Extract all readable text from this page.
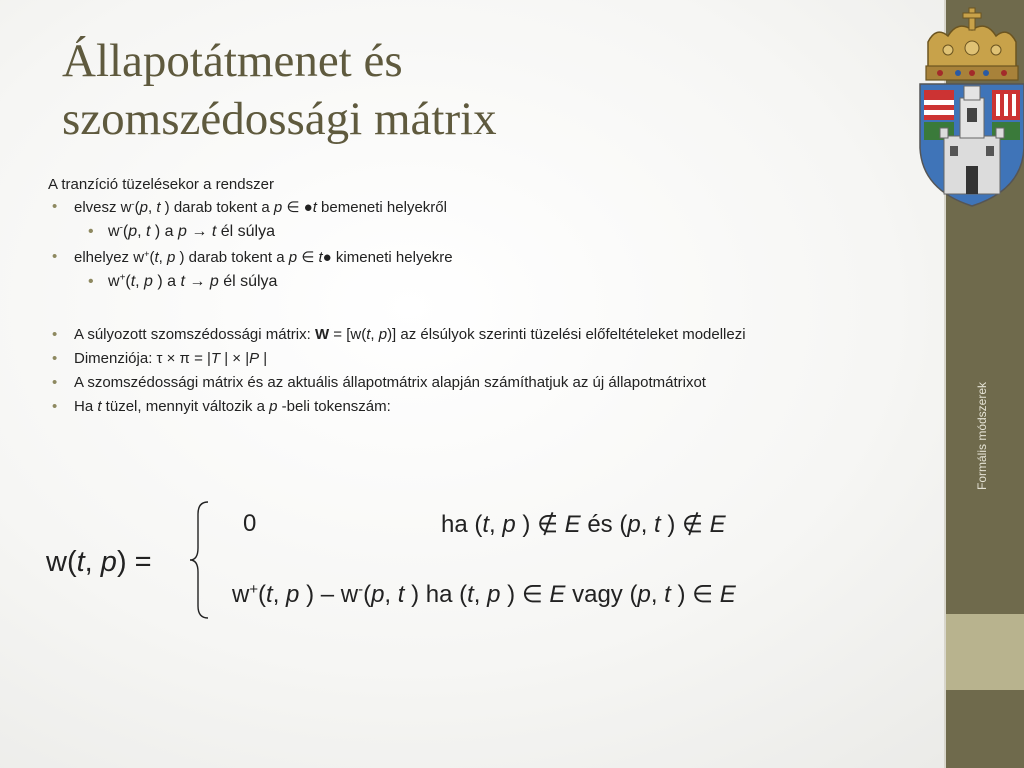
Formális módszerek
Állapotátmenet és
szomszédossági mátrix

A tranzíció tüzelésekor a rendszer

• elvesz w-(p, t ) darab tokent a p ∈ ●t bemeneti helyekről
• w-(p, t ) a p → t él súlya
• elhelyez w+(t, p ) darab tokent a p ∈ t● kimeneti helyekre
• w+(t, p ) a t → p él súlya
• A súlyozott szomszédossági mátrix: W = [w(t, p)] az élsúlyok szerinti tüzelési előfeltételeket modellezi
• Dimenziója: τ × π = |T | × |P |
• A szomszédossági mátrix és az aktuális állapotmátrix alapján számíthatjuk az új állapotmátrixot
• Ha t tüzel, mennyit változik a p -beli tokenszám:
w(t, p) =
0	ha (t, p ) ∉ E és (p, t ) ∉ E
w+(t, p ) – w-(p, t ) ha (t, p ) ∈ E vagy (p, t ) ∈ E
